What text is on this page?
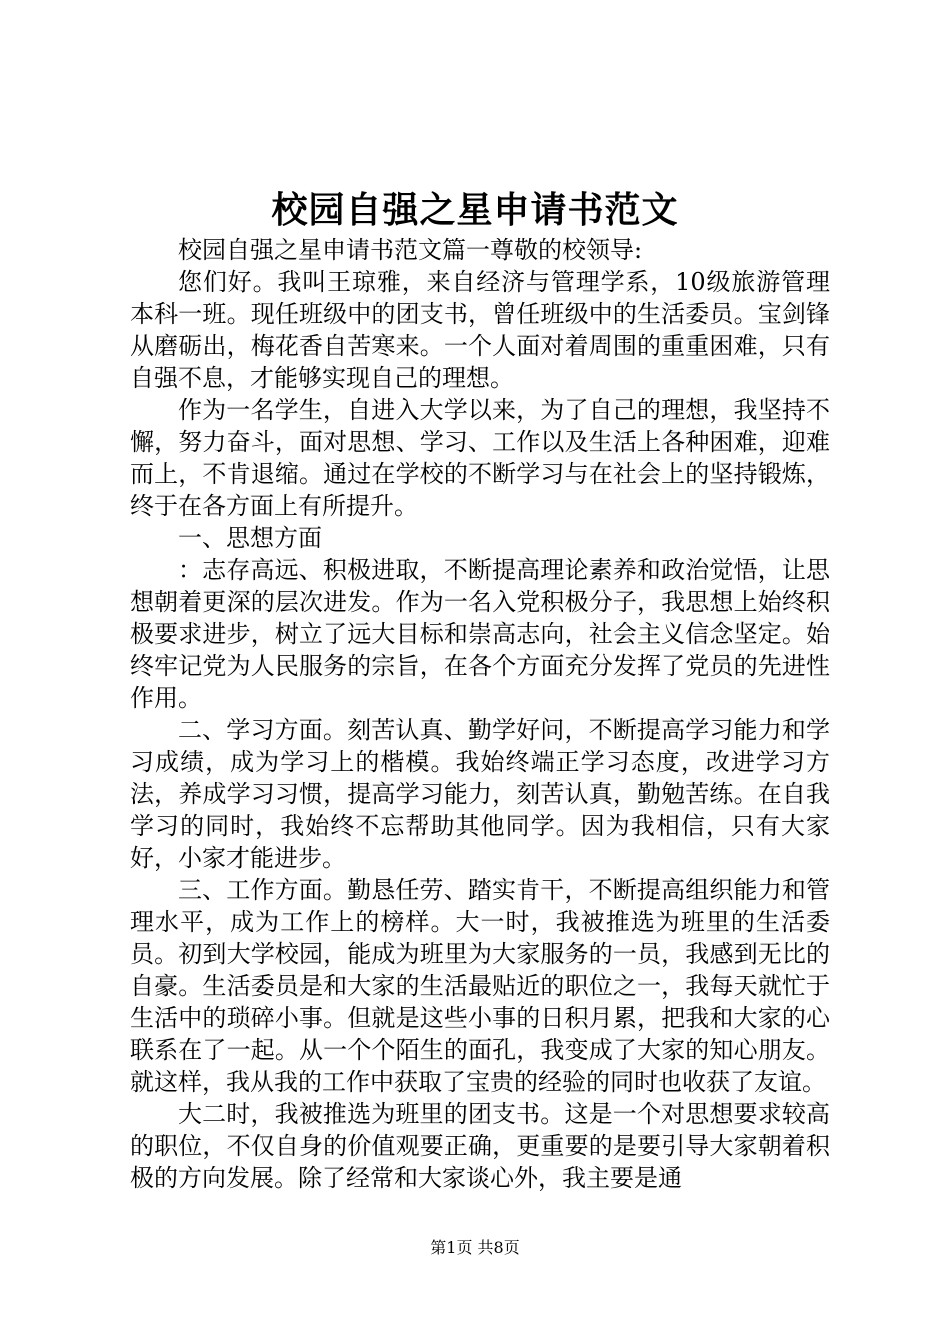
校园自强之星申请书范文

校园自强之星申请书范文篇一尊敬的校领导:

您们好。我叫王琼雅，来自经济与管理学系，10级旅游管理本科一班。现任班级中的团支书，曾任班级中的生活委员。宝剑锋从磨砺出，梅花香自苦寒来。一个人面对着周围的重重困难，只有自强不息，才能够实现自己的理想。

作为一名学生，自进入大学以来，为了自己的理想，我坚持不懈，努力奋斗，面对思想、学习、工作以及生活上各种困难，迎难而上，不肯退缩。通过在学校的不断学习与在社会上的坚持锻炼，终于在各方面上有所提升。

一、思想方面

：志存高远、积极进取，不断提高理论素养和政治觉悟，让思想朝着更深的层次进发。作为一名入党积极分子，我思想上始终积极要求进步，树立了远大目标和崇高志向，社会主义信念坚定。始终牢记党为人民服务的宗旨，在各个方面充分发挥了党员的先进性作用。

二、学习方面。刻苦认真、勤学好问，不断提高学习能力和学习成绩，成为学习上的楷模。我始终端正学习态度，改进学习方法，养成学习习惯，提高学习能力，刻苦认真，勤勉苦练。在自我学习的同时，我始终不忘帮助其他同学。因为我相信，只有大家好，小家才能进步。

三、工作方面。勤恳任劳、踏实肯干，不断提高组织能力和管理水平，成为工作上的榜样。大一时，我被推选为班里的生活委员。初到大学校园，能成为班里为大家服务的一员，我感到无比的自豪。生活委员是和大家的生活最贴近的职位之一，我每天就忙于生活中的琐碎小事。但就是这些小事的日积月累，把我和大家的心联系在了一起。从一个个陌生的面孔，我变成了大家的知心朋友。就这样，我从我的工作中获取了宝贵的经验的同时也收获了友谊。

大二时，我被推选为班里的团支书。这是一个对思想要求较高的职位，不仅自身的价值观要正确，更重要的是要引导大家朝着积极的方向发展。除了经常和大家谈心外，我主要是通

第1页 共8页
